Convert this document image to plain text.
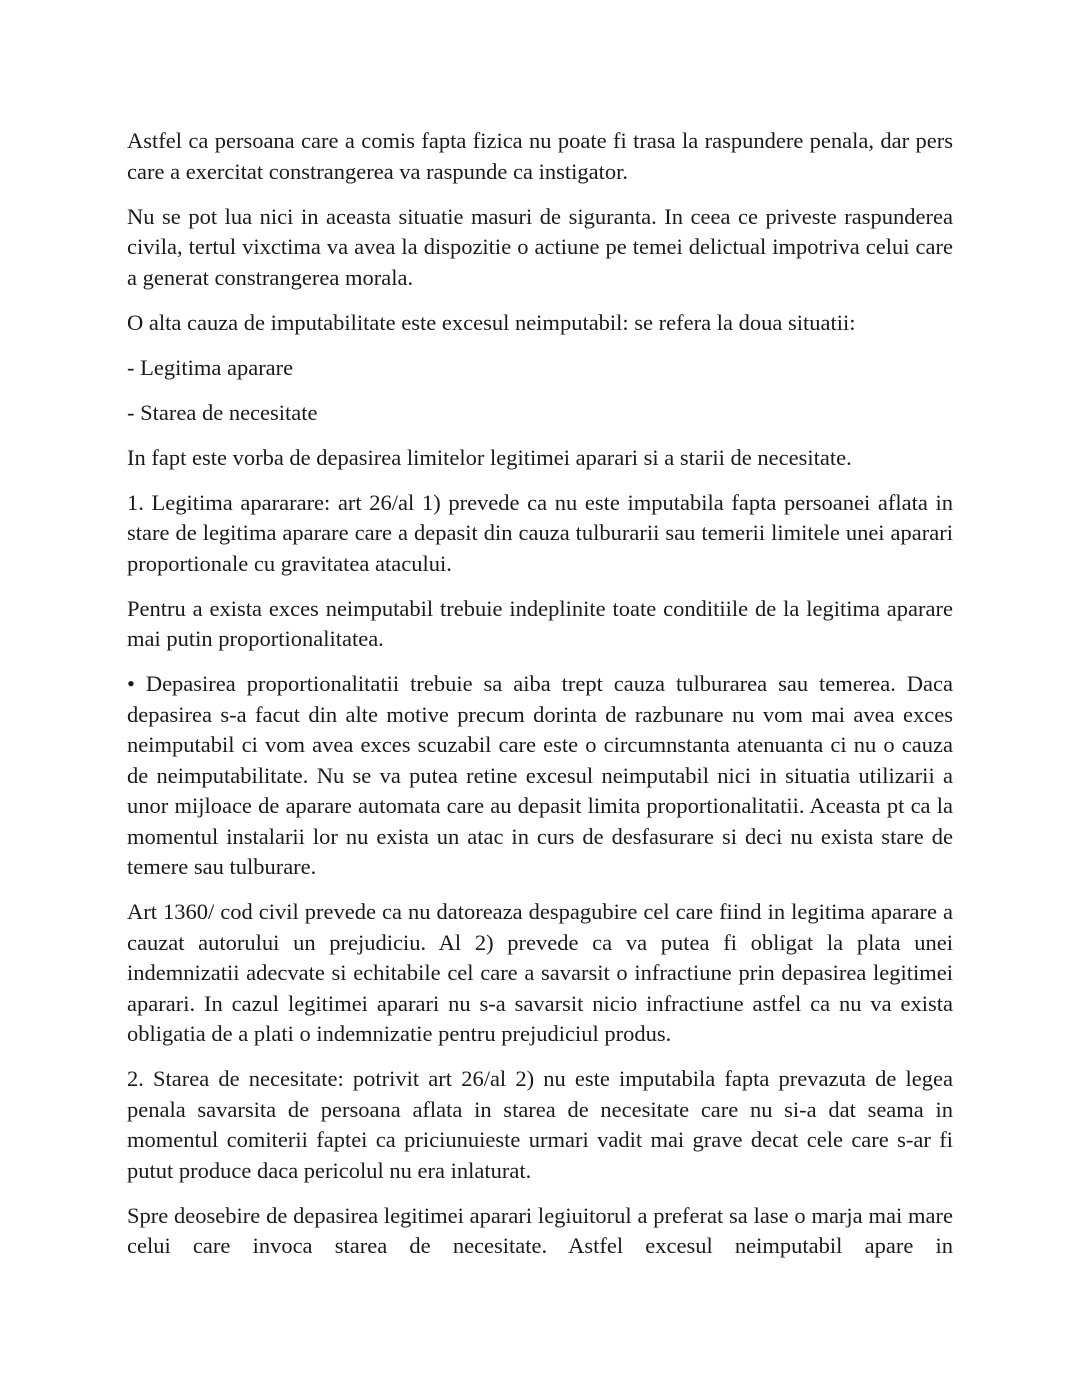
Astfel ca persoana care a comis fapta fizica nu poate fi trasa la raspundere penala, dar pers care a exercitat constrangerea va raspunde ca instigator.

Nu se pot lua nici in aceasta situatie masuri de siguranta. In ceea ce priveste raspunderea civila, tertul vixctima va avea la dispozitie o actiune pe temei delictual impotriva celui care a generat constrangerea morala.

O alta cauza de imputabilitate este excesul neimputabil: se refera la doua situatii:

- Legitima aparare

- Starea de necesitate

In fapt este vorba de depasirea limitelor legitimei aparari si a starii de necesitate.

1. Legitima apararare: art 26/al 1) prevede ca nu este imputabila fapta persoanei aflata in stare de legitima aparare care a depasit din cauza tulburarii sau temerii limitele unei aparari proportionale cu gravitatea atacului.

Pentru a exista exces neimputabil trebuie indeplinite toate conditiile de la legitima aparare mai putin proportionalitatea.

• Depasirea proportionalitatii trebuie sa aiba trept cauza tulburarea sau temerea. Daca depasirea s-a facut din alte motive precum dorinta de razbunare nu vom mai avea exces neimputabil ci vom avea exces scuzabil care este o circumnstanta atenuanta ci nu o cauza de neimputabilitate. Nu se va putea retine excesul neimputabil nici in situatia utilizarii a unor mijloace de aparare automata care au depasit limita proportionalitatii. Aceasta pt ca la momentul instalarii lor nu exista un atac in curs de desfasurare si deci nu exista stare de temere sau tulburare.

Art 1360/ cod civil prevede ca nu datoreaza despagubire cel care fiind in legitima aparare a cauzat autorului un prejudiciu. Al 2) prevede ca va putea fi obligat la plata unei indemnizatii adecvate si echitabile cel care a savarsit o infractiune prin depasirea legitimei aparari. In cazul legitimei aparari nu s-a savarsit nicio infractiune astfel ca nu va exista obligatia de a plati o indemnizatie pentru prejudiciul produs.

2. Starea de necesitate: potrivit art 26/al 2) nu este imputabila fapta prevazuta de legea penala savarsita de persoana aflata in starea de necesitate care nu si-a dat seama in momentul comiterii faptei ca priciunuieste urmari vadit mai grave decat cele care s-ar fi putut produce daca pericolul nu era inlaturat.

Spre deosebire de depasirea legitimei aparari legiuitorul a preferat sa lase o marja mai mare celui care invoca starea de necesitate. Astfel excesul neimputabil apare in
